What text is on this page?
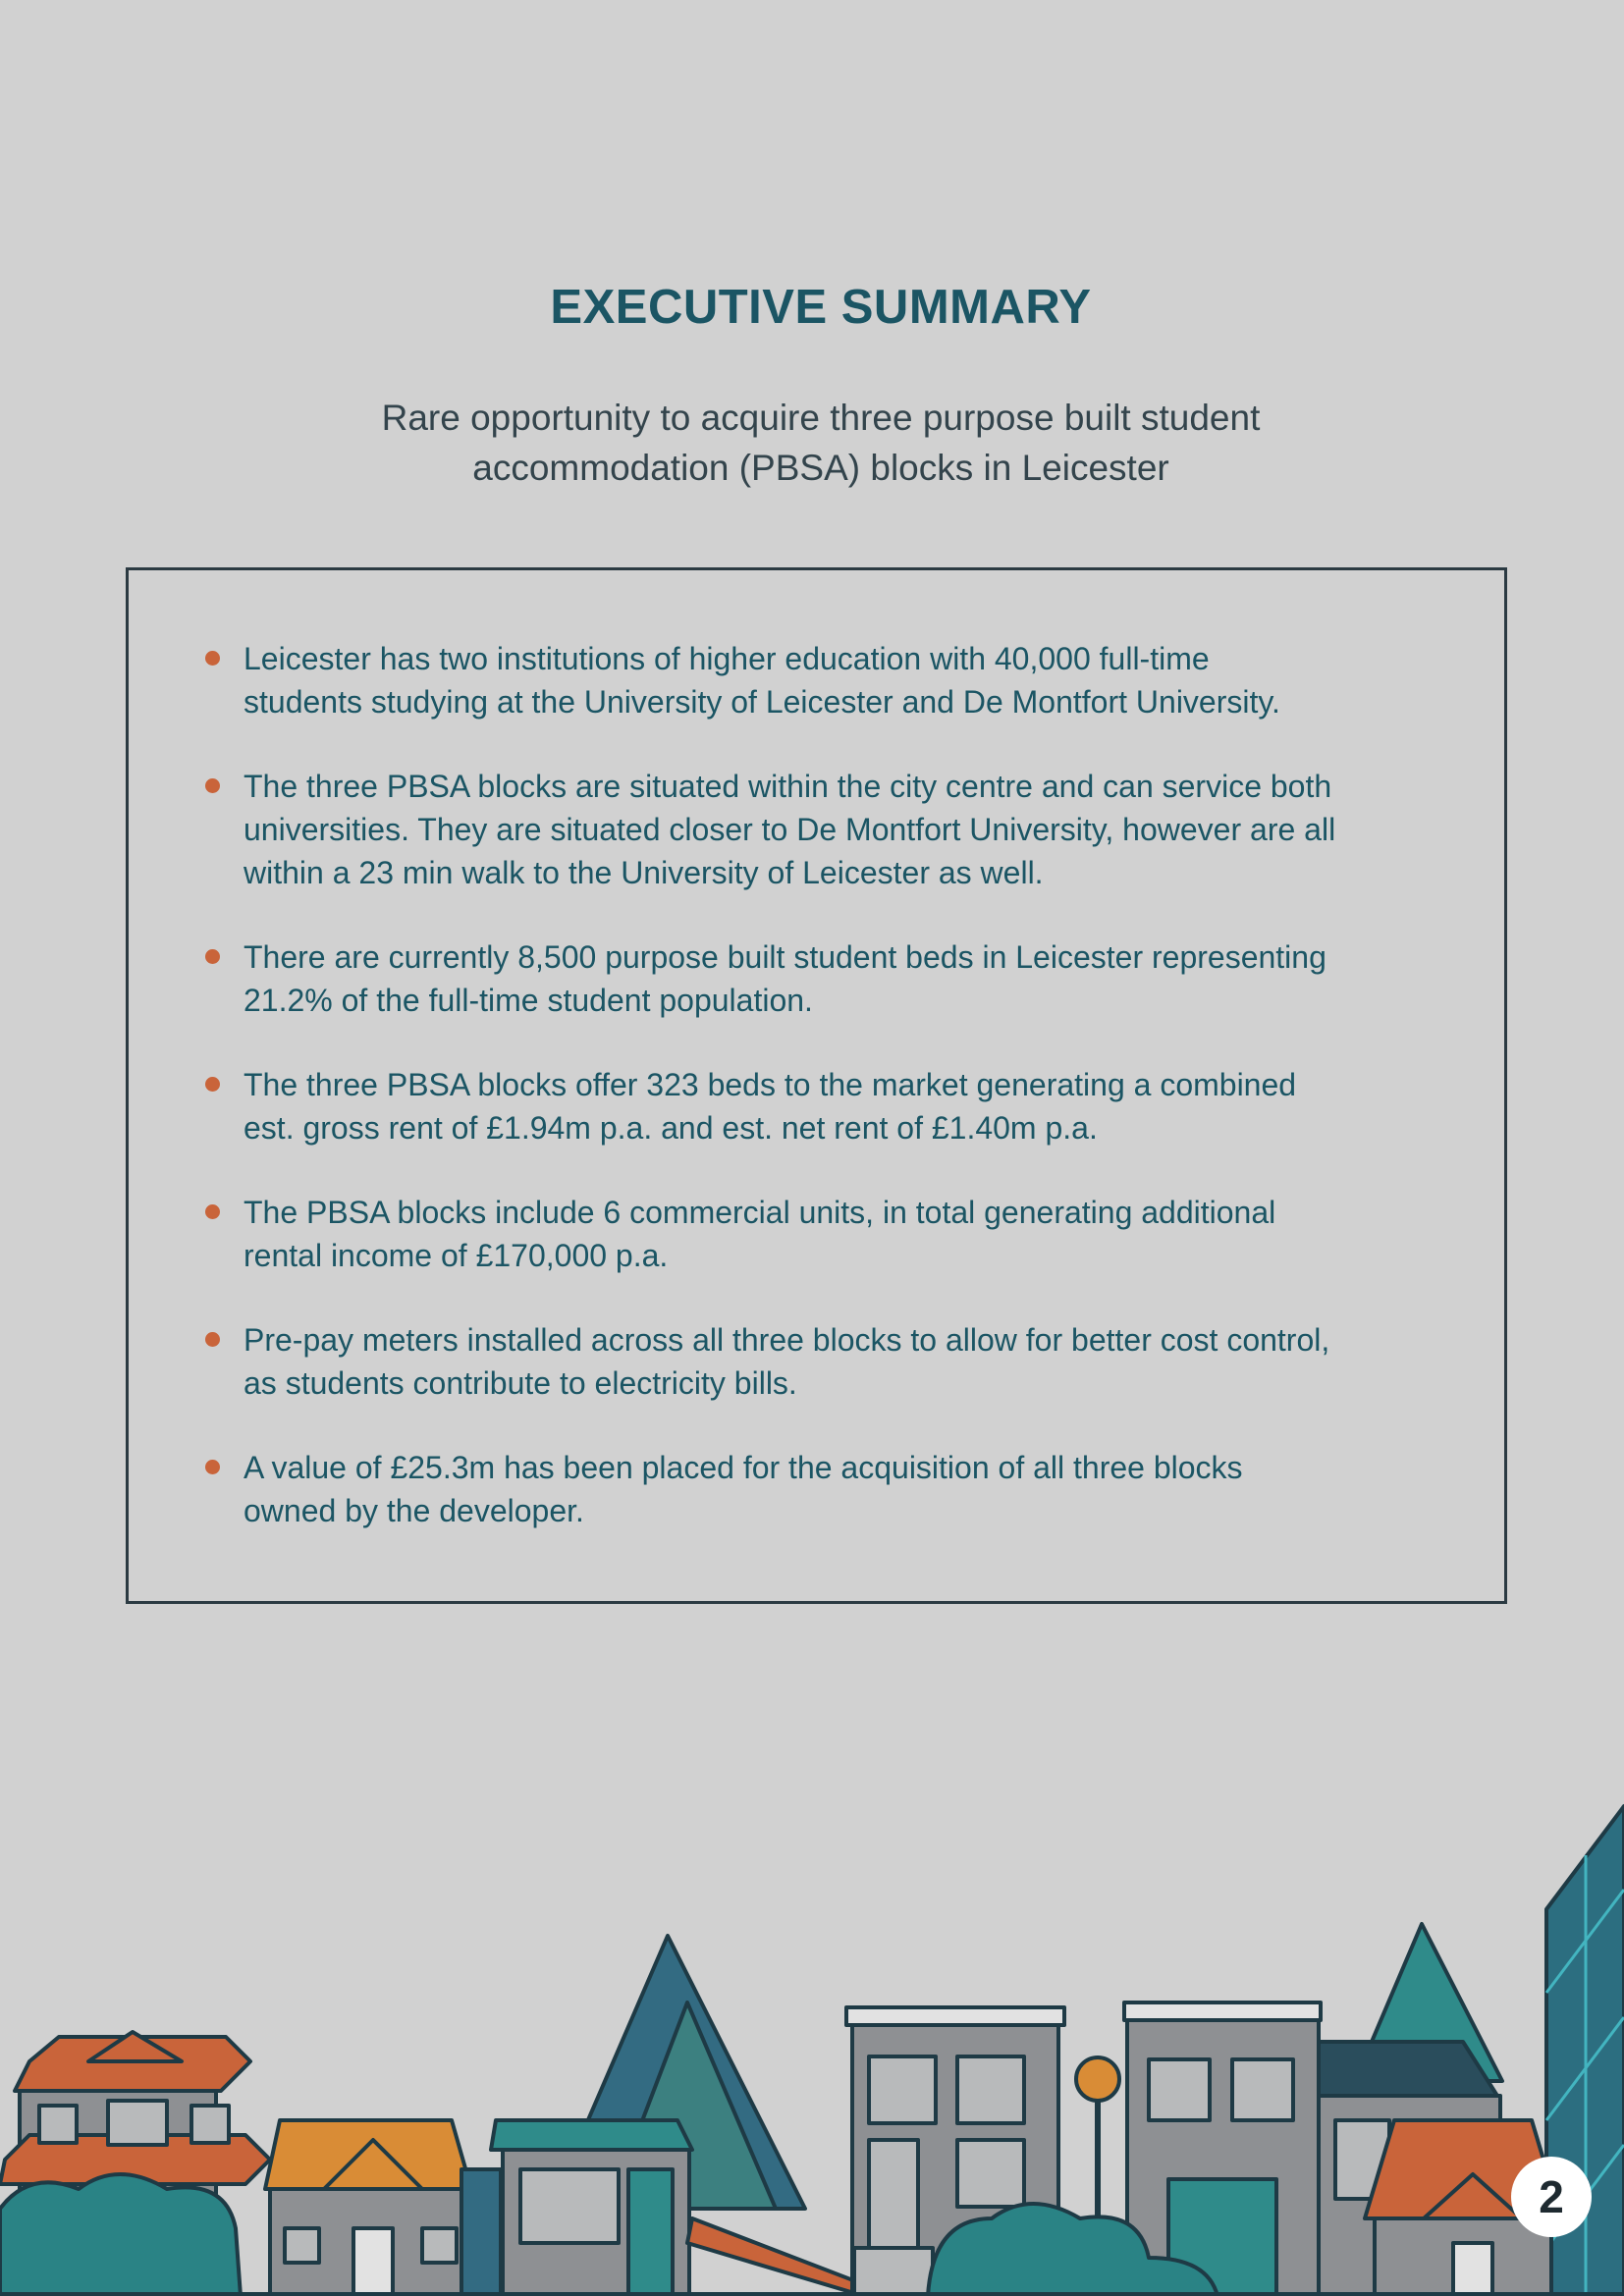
EXECUTIVE SUMMARY

Rare opportunity to acquire three purpose built student
accommodation (PBSA) blocks in Leicester

Leicester has two institutions of higher education with 40,000 full-time
students studying at the University of Leicester and De Montfort University.
The three PBSA blocks are situated within the city centre and can service both
universities. They are situated closer to De Montfort University, however are all
within a 23 min walk to the University of Leicester as well.
There are currently 8,500 purpose built student beds in Leicester representing
21.2% of the full-time student population.
The three PBSA blocks offer 323 beds to the market generating a combined
est. gross rent of £1.94m p.a. and est. net rent of £1.40m p.a.
The PBSA blocks include 6 commercial units, in total generating additional
rental income of £170,000 p.a.
Pre-pay meters installed across all three blocks to allow for better cost control,
as students contribute to electricity bills.
A value of £25.3m has been placed for the acquisition of all three blocks
owned by the developer.
2
